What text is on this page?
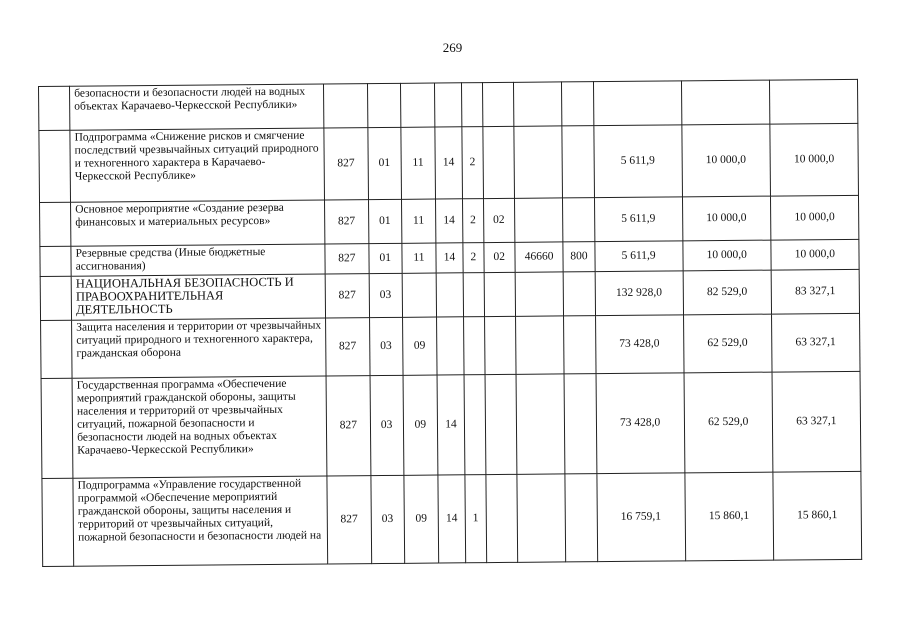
269
	безопасности и безопасности людей на водных объектах Карачаево-Черкесской Республики»											
	Подпрограмма «Снижение рисков и смягчение последствий чрезвычайных ситуаций природного и техногенного характера в Карачаево-Черкесской Республике»	827	01	11	14	2				5 611,9	10 000,0	10 000,0
	Основное мероприятие «Создание резерва финансовых и материальных ресурсов»	827	01	11	14	2	02			5 611,9	10 000,0	10 000,0
	Резервные средства (Иные бюджетные ассигнования)	827	01	11	14	2	02	46660	800	5 611,9	10 000,0	10 000,0
	НАЦИОНАЛЬНАЯ БЕЗОПАСНОСТЬ И ПРАВООХРАНИТЕЛЬНАЯ ДЕЯТЕЛЬНОСТЬ	827	03							132 928,0	82 529,0	83 327,1
	Защита населения и территории от чрезвычайных ситуаций природного и техногенного характера, гражданская оборона	827	03	09						73 428,0	62 529,0	63 327,1
	Государственная программа «Обеспечение мероприятий гражданской обороны, защиты населения и территорий от чрезвычайных ситуаций, пожарной безопасности и безопасности людей на водных объектах Карачаево-Черкесской Республики»	827	03	09	14					73 428,0	62 529,0	63 327,1
	Подпрограмма «Управление государственной программой «Обеспечение мероприятий гражданской обороны, защиты населения и территорий от чрезвычайных ситуаций, пожарной безопасности и безопасности людей на	827	03	09	14	1				16 759,1	15 860,1	15 860,1
